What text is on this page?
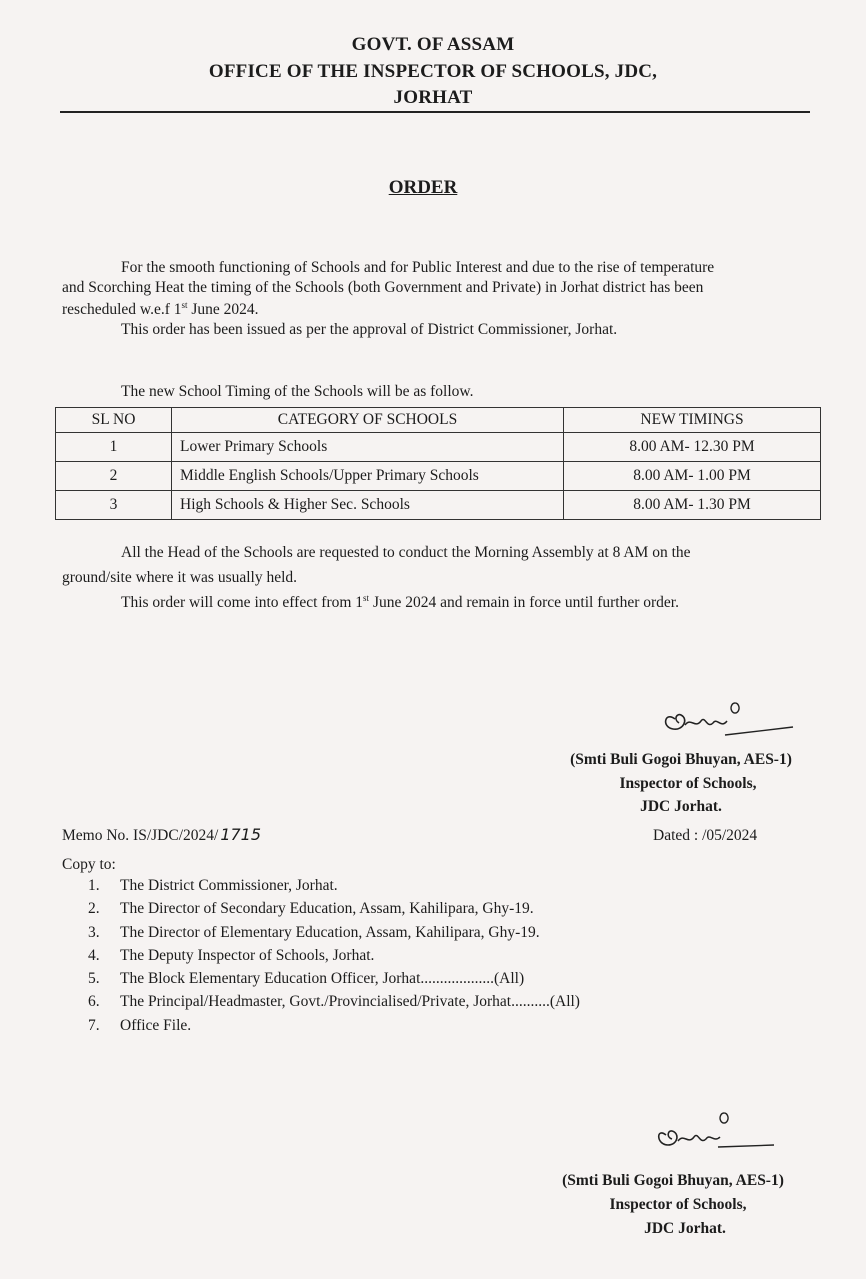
GOVT. OF ASSAM
OFFICE OF THE INSPECTOR OF SCHOOLS, JDC,
JORHAT
ORDER
For the smooth functioning of Schools and for Public Interest and due to the rise of temperature
and Scorching Heat the timing of the Schools (both Government and Private) in Jorhat district has been
rescheduled w.e.f 1st June 2024.
This order has been issued as per the approval of District Commissioner, Jorhat.
The new School Timing of the Schools will be as follow.
SL NO	CATEGORY OF SCHOOLS	NEW TIMINGS
1	Lower Primary Schools	8.00 AM- 12.30 PM
2	Middle English Schools/Upper Primary Schools	8.00 AM- 1.00 PM
3	High Schools & Higher Sec. Schools	8.00 AM- 1.30 PM
All the Head of the Schools are requested to conduct the Morning Assembly at 8 AM on the
ground/site where it was usually held.
This order will come into effect from 1st June 2024 and remain in force until further order.
(Smti Buli Gogoi Bhuyan, AES-1)
Inspector of Schools,
JDC Jorhat.
Memo No. IS/JDC/2024/ 1715	Dated : /05/2024
Copy to:
1. The District Commissioner, Jorhat.
2. The Director of Secondary Education, Assam, Kahilipara, Ghy-19.
3. The Director of Elementary Education, Assam, Kahilipara, Ghy-19.
4. The Deputy Inspector of Schools, Jorhat.
5. The Block Elementary Education Officer, Jorhat...................(All)
6. The Principal/Headmaster, Govt./Provincialised/Private, Jorhat..........(All)
7. Office File.
(Smti Buli Gogoi Bhuyan, AES-1)
Inspector of Schools,
JDC Jorhat.
